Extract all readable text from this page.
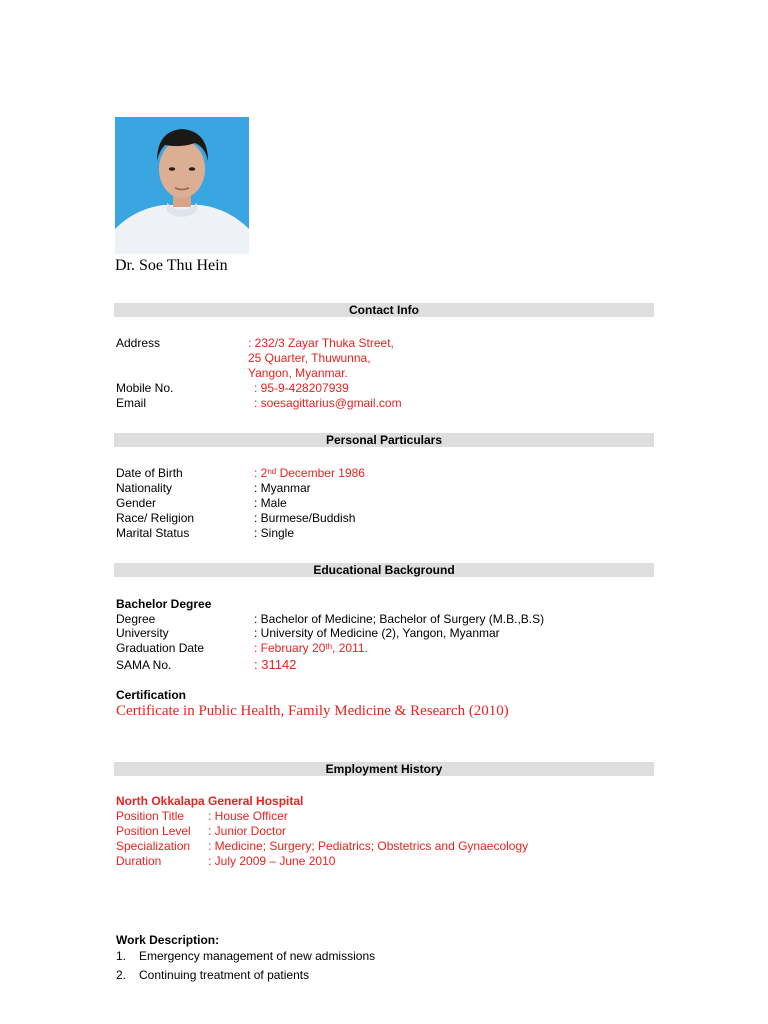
Dr. Soe Thu Hein
Contact Info
Address	: 232/3 Zayar Thuka Street,
25 Quarter, Thuwunna,
Yangon, Myanmar.
Mobile No.	: 95-9-428207939
Email	: soesagittarius@gmail.com
Personal Particulars
Date of Birth	: 2nd December 1986
Nationality	: Myanmar
Gender	: Male
Race/ Religion	: Burmese/Buddish
Marital Status	: Single
Educational Background
Bachelor Degree
Degree	: Bachelor of Medicine; Bachelor of Surgery (M.B.,B.S)
University	: University of Medicine (2), Yangon, Myanmar
Graduation Date	: February 20th, 2011.
SAMA No.	: 31142
Certification
Certificate in Public Health, Family Medicine & Research (2010)
Employment History
North Okkalapa General Hospital
Position Title : House Officer
Position Level : Junior Doctor
Specialization : Medicine; Surgery; Pediatrics; Obstetrics and Gynaecology
Duration	: July 2009 – June 2010
Work Description:
1. Emergency management of new admissions
2. Continuing treatment of patients
